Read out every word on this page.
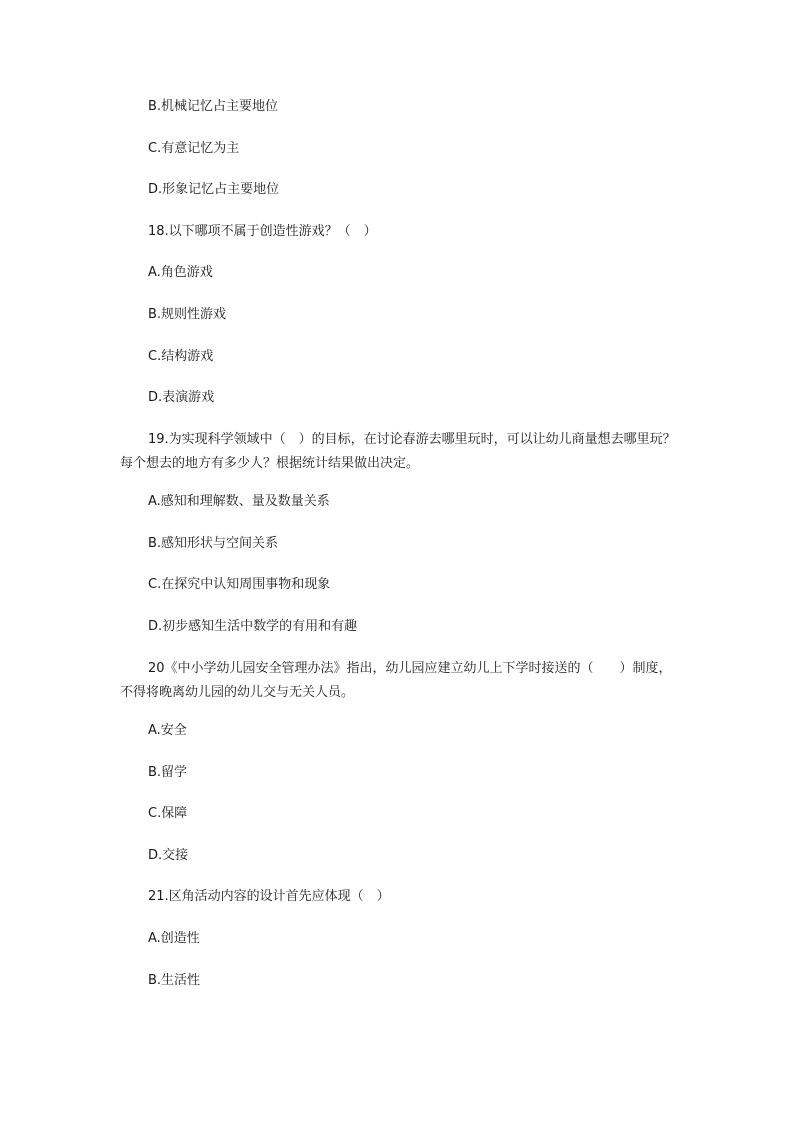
B.机械记忆占主要地位
C.有意记忆为主
D.形象记忆占主要地位
18.以下哪项不属于创造性游戏？（　）
A.角色游戏
B.规则性游戏
C.结构游戏
D.表演游戏
19.为实现科学领域中（　）的目标，在讨论春游去哪里玩时，可以让幼儿商量想去哪里玩？每个想去的地方有多少人？根据统计结果做出决定。
A.感知和理解数、量及数量关系
B.感知形状与空间关系
C.在探究中认知周围事物和现象
D.初步感知生活中数学的有用和有趣
20《中小学幼儿园安全管理办法》指出，幼儿园应建立幼儿上下学时接送的（　　）制度，不得将晚离幼儿园的幼儿交与无关人员。
A.安全
B.留学
C.保障
D.交接
21.区角活动内容的设计首先应体现（　）
A.创造性
B.生活性
